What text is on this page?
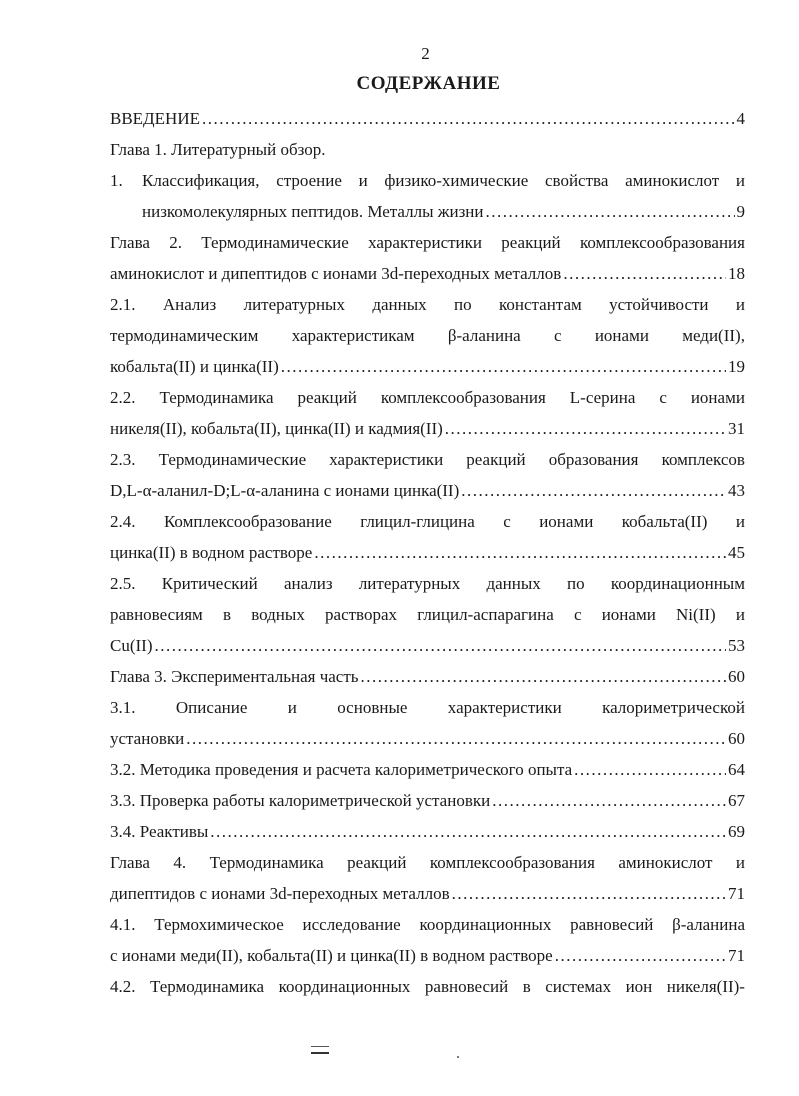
2
СОДЕРЖАНИЕ
ВВЕДЕНИЕ .....	4
Глава 1. Литературный обзор.
1.	Классификация, строение и физико-химические свойства аминокислот и
низкомолекулярных пептидов. Металлы жизни .....	9
Глава 2. Термодинамические характеристики реакций комплексообразования
аминокислот и дипептидов с ионами 3d-переходных металлов .....	18
2.1. Анализ литературных данных по константам устойчивости и
термодинамическим характеристикам β-аланина с ионами меди(II),
кобальта(II) и цинка(II) .....	19
2.2. Термодинамика реакций комплексообразования L-серина с ионами
никеля(II), кобальта(II), цинка(II) и кадмия(II) .....	31
2.3. Термодинамические характеристики реакций образования комплексов
D,L-α-аланил-D;L-α-аланина с ионами цинка(II) .....	43
2.4. Комплексообразование глицил-глицина с ионами кобальта(II) и
цинка(II) в водном растворе .....	45
2.5. Критический анализ литературных данных по координационным
равновесиям в водных растворах глицил-аспарагина с ионами Ni(II) и
Cu(II) .....	53
Глава 3. Экспериментальная часть .....	60
3.1. Описание и основные характеристики калориметрической
установки .....	60
3.2. Методика проведения и расчета калориметрического опыта .....	64
3.3. Проверка работы калориметрической установки .....	67
3.4. Реактивы .....	69
Глава 4. Термодинамика реакций комплексообразования аминокислот и
дипептидов с ионами 3d-переходных металлов .....	71
4.1. Термохимическое исследование координационных равновесий β-аланина
с ионами меди(II), кобальта(II) и цинка(II) в водном растворе .....	71
4.2. Термодинамика координационных равновесий в системах ион никеля(II)-
